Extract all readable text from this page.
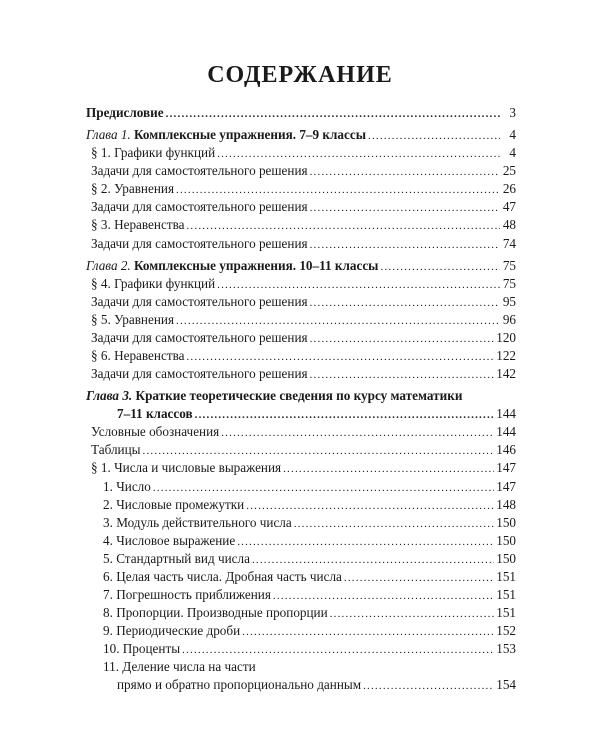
СОДЕРЖАНИЕ
Предисловие .....	3
Глава 1. Комплексные упражнения. 7–9 классы .....	4
§ 1. Графики функций .....	4
Задачи для самостоятельного решения .....	25
§ 2. Уравнения .....	26
Задачи для самостоятельного решения .....	47
§ 3. Неравенства .....	48
Задачи для самостоятельного решения .....	74
Глава 2. Комплексные упражнения. 10–11 классы .....	75
§ 4. Графики функций .....	75
Задачи для самостоятельного решения .....	95
§ 5. Уравнения .....	96
Задачи для самостоятельного решения .....	120
§ 6. Неравенства .....	122
Задачи для самостоятельного решения .....	142
Глава 3. Краткие теоретические сведения по курсу математики
7–11 классов .....	144
Условные обозначения .....	144
Таблицы .....	146
§ 1. Числа и числовые выражения .....	147
1. Число .....	147
2. Числовые промежутки .....	148
3. Модуль действительного числа .....	150
4. Числовое выражение .....	150
5. Стандартный вид числа .....	150
6. Целая часть числа. Дробная часть числа .....	151
7. Погрешность приближения .....	151
8. Пропорции. Производные пропорции .....	151
9. Периодические дроби .....	152
10. Проценты .....	153
11. Деление числа на части
прямо и обратно пропорционально данным .....	154
